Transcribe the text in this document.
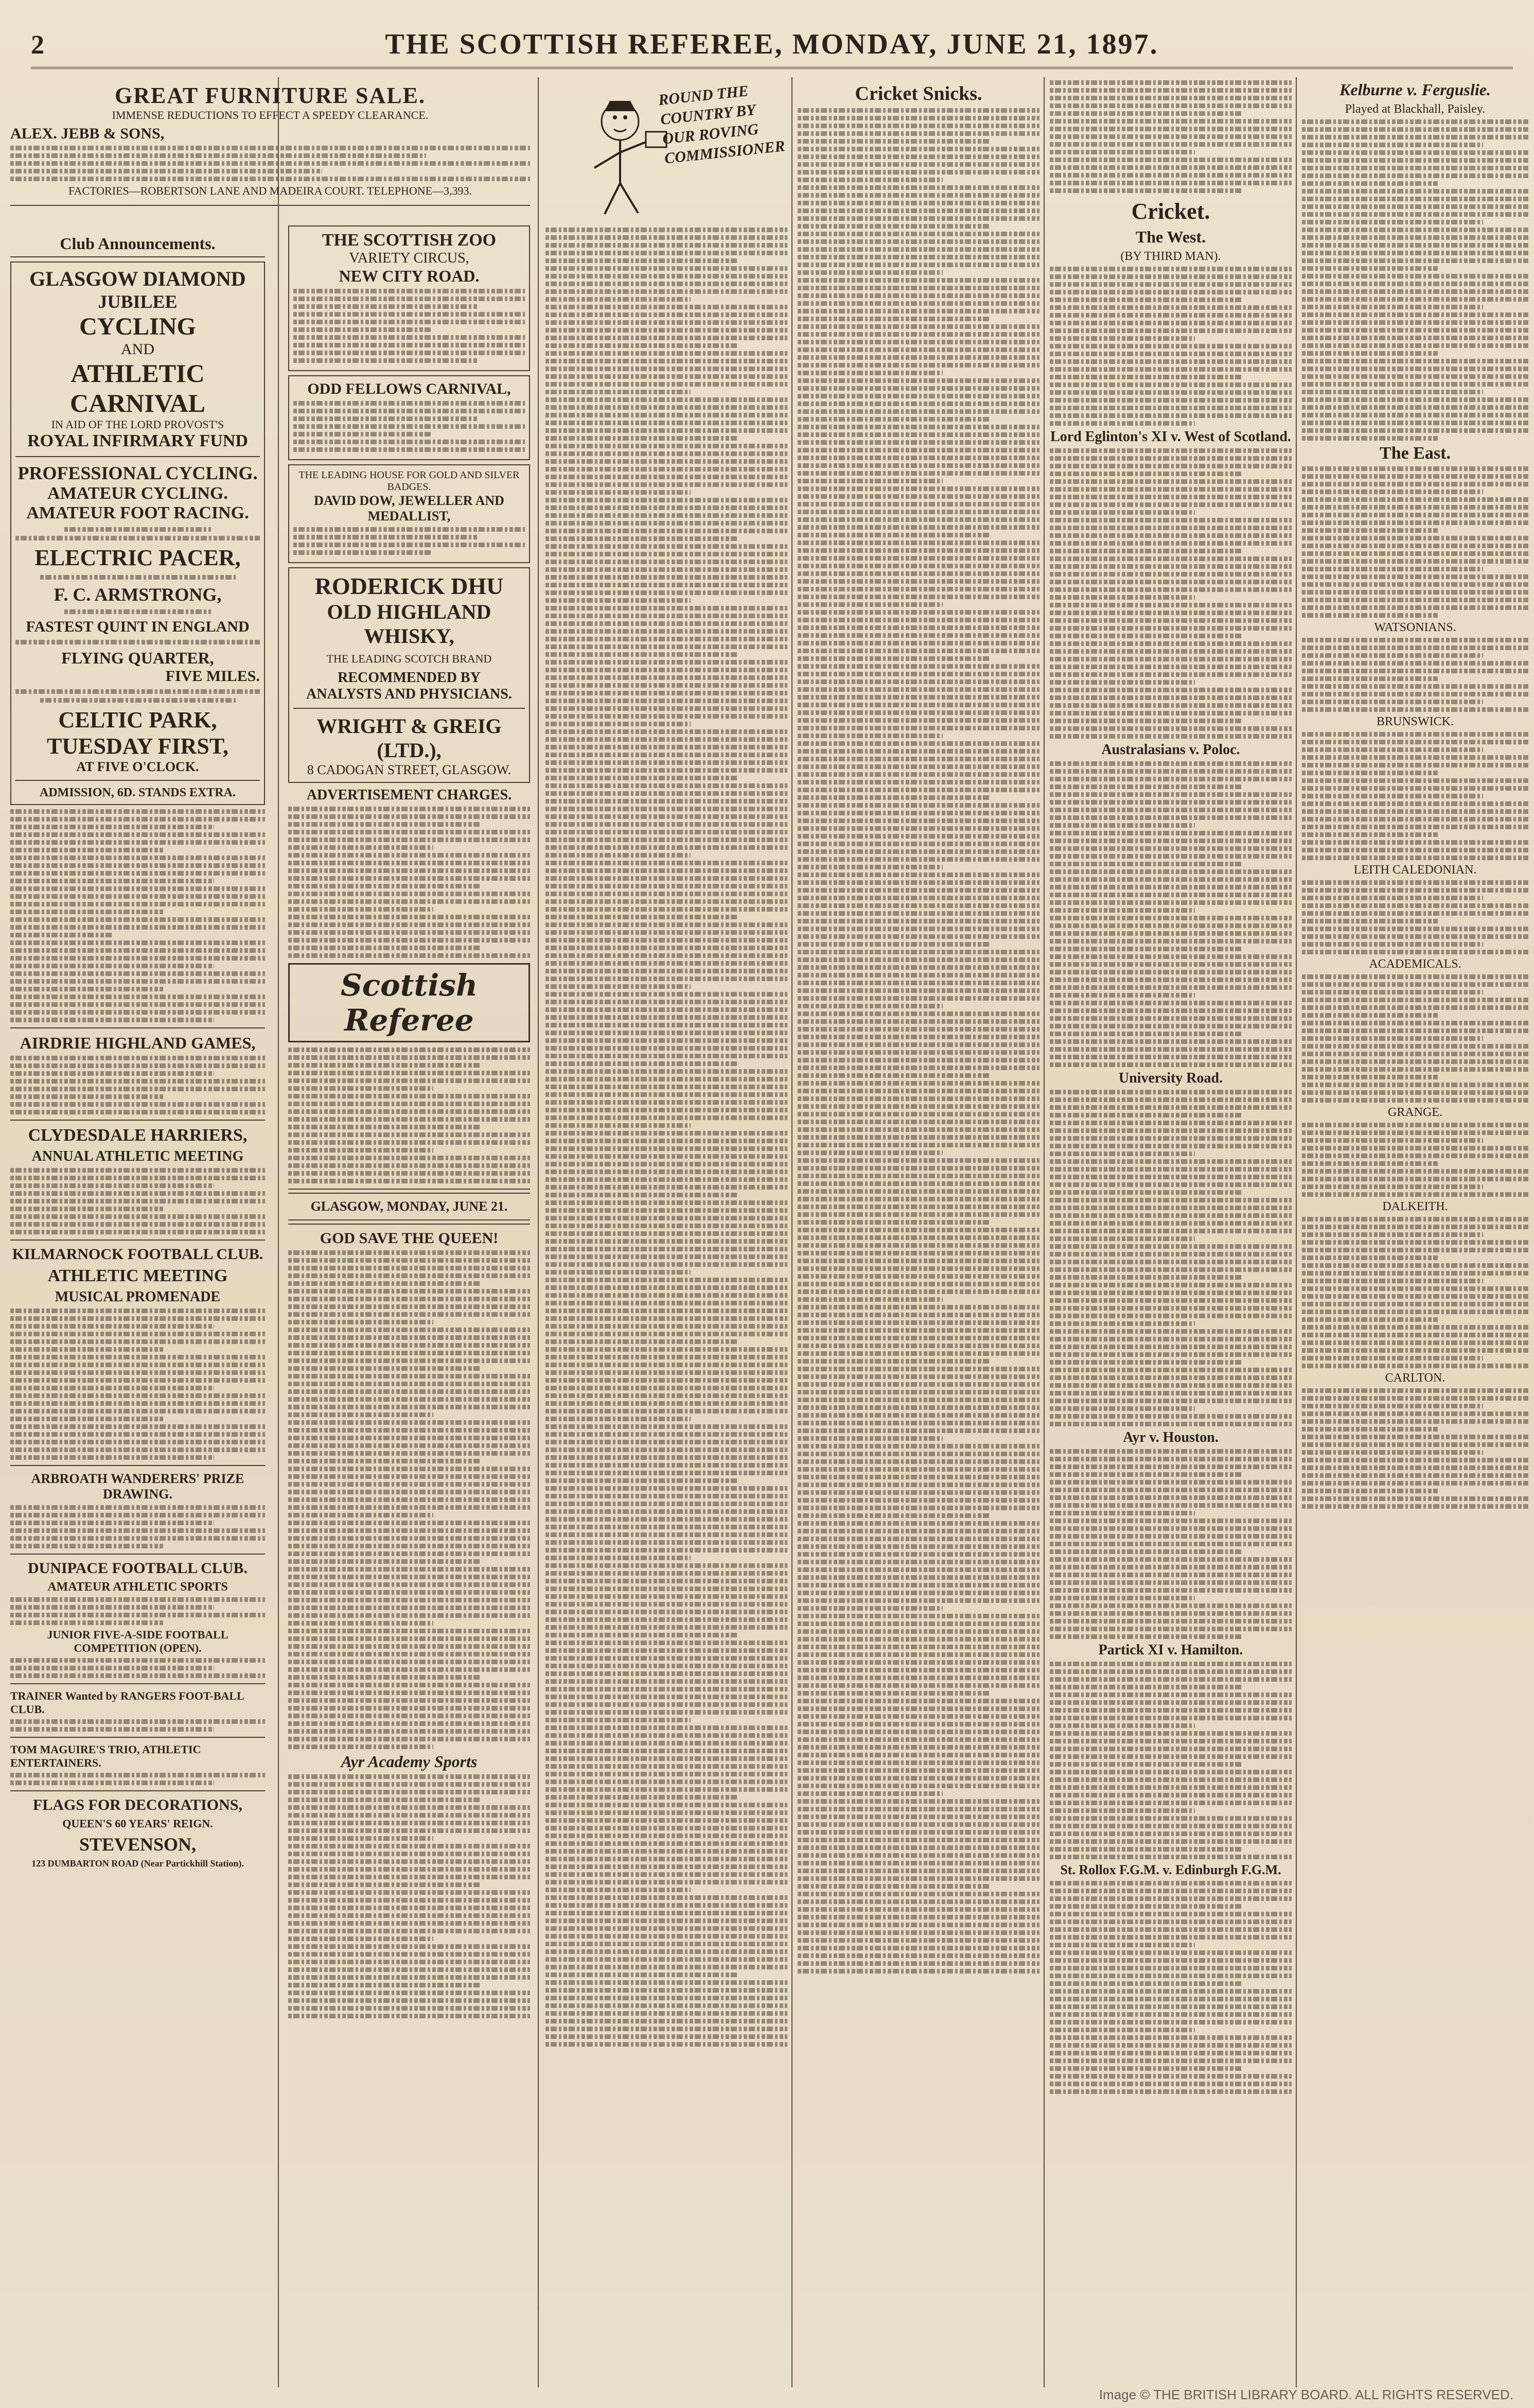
2	THE SCOTTISH REFEREE, MONDAY, JUNE 21, 1897.
GREAT FURNITURE SALE.
IMMENSE REDUCTIONS TO EFFECT A SPEEDY CLEARANCE.
ALEX. JEBB & SONS,
FACTORIES—ROBERTSON LANE AND MADEIRA COURT. TELEPHONE—3,393.
Club Announcements.
GLASGOW DIAMOND
JUBILEE
CYCLING
AND
ATHLETIC
CARNIVAL
IN AID OF THE LORD PROVOST'S
ROYAL INFIRMARY FUND
PROFESSIONAL CYCLING.
AMATEUR CYCLING.
AMATEUR FOOT RACING.
ELECTRIC PACER,
F. C. ARMSTRONG,
FASTEST QUINT IN ENGLAND
FLYING QUARTER,
FIVE MILES.
CELTIC PARK,
TUESDAY FIRST,
AT FIVE O'CLOCK.
ADMISSION, 6D. STANDS EXTRA.
AIRDRIE HIGHLAND GAMES,
CLYDESDALE HARRIERS,
ANNUAL ATHLETIC MEETING
KILMARNOCK FOOTBALL CLUB.
ATHLETIC MEETING
MUSICAL PROMENADE
ARBROATH WANDERERS' PRIZE DRAWING.
DUNIPACE FOOTBALL CLUB.
AMATEUR ATHLETIC SPORTS
JUNIOR FIVE-A-SIDE FOOTBALL COMPETITION (OPEN).
TRAINER Wanted by RANGERS FOOT-BALL CLUB.
TOM MAGUIRE'S TRIO, ATHLETIC ENTERTAINERS.
FLAGS FOR DECORATIONS,
QUEEN'S 60 YEARS' REIGN.
STEVENSON,
123 DUMBARTON ROAD (Near Partickhill Station).
THE SCOTTISH ZOO
VARIETY CIRCUS,
NEW CITY ROAD.
ODD FELLOWS CARNIVAL,
THE LEADING HOUSE FOR GOLD AND SILVER BADGES.
DAVID DOW, JEWELLER AND MEDALLIST,
RODERICK DHU
OLD HIGHLAND WHISKY,
THE LEADING SCOTCH BRAND
RECOMMENDED BY
ANALYSTS AND PHYSICIANS.
WRIGHT & GREIG (LTD.),
8 CADOGAN STREET, GLASGOW.
ADVERTISEMENT CHARGES.
Scottish Referee
GLASGOW, MONDAY, JUNE 21.
GOD SAVE THE QUEEN!
Ayr Academy Sports
ROUND THE COUNTRY BY OUR ROVING COMMISSIONER
Cricket Snicks.
Cricket.
The West.
(BY THIRD MAN).
Lord Eglinton's XI v. West of Scotland.
Australasians v. Poloc.
University Road.
Ayr v. Houston.
Partick XI v. Hamilton.
St. Rollox F.G.M. v. Edinburgh F.G.M.
Kelburne v. Ferguslie.
Played at Blackhall, Paisley.
The East.
WATSONIANS.
BRUNSWICK.
LEITH CALEDONIAN.
ACADEMICALS.
GRANGE.
DALKEITH.
CARLTON.
Image © THE BRITISH LIBRARY BOARD. ALL RIGHTS RESERVED.
